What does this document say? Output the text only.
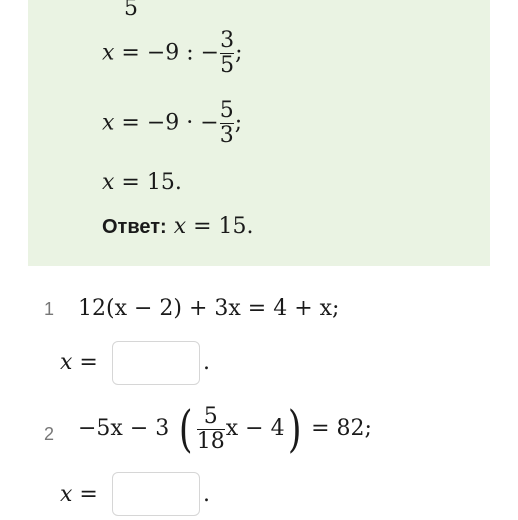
5
x = −9 : − $\frac{3}{5}$ ;
x = −9 · − $\frac{5}{3}$ ;
x = 15.
Ответ: x = 15.
1 12(x − 2) + 3x = 4 + x;
x =	.
2 −5x − 3 ( $\frac{5}{18}$ x − 4) = 82;
x =	.
